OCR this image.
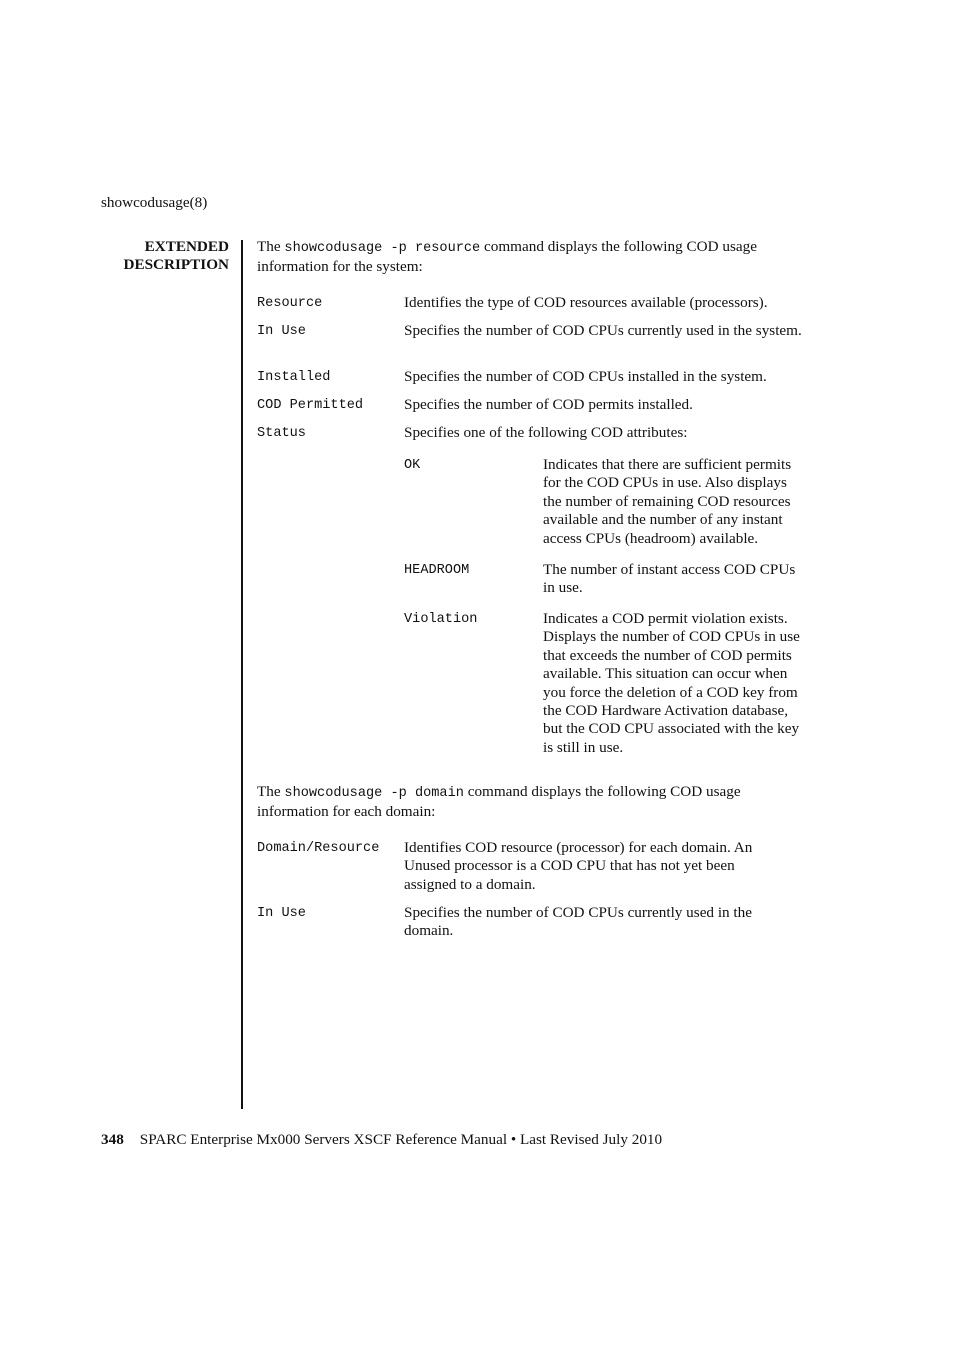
showcodusage(8)
EXTENDED
DESCRIPTION
The showcodusage -p resource command displays the following COD usage
information for the system:
Resource	Identifies the type of COD resources available (processors).
In Use	Specifies the number of COD CPUs currently used in the system.
Installed	Specifies the number of COD CPUs installed in the system.
COD Permitted	Specifies the number of COD permits installed.
Status	Specifies one of the following COD attributes:
OK	Indicates that there are sufficient permits
for the COD CPUs in use. Also displays
the number of remaining COD resources
available and the number of any instant
access CPUs (headroom) available.
HEADROOM	The number of instant access COD CPUs
in use.
Violation	Indicates a COD permit violation exists.
Displays the number of COD CPUs in use
that exceeds the number of COD permits
available. This situation can occur when
you force the deletion of a COD key from
the COD Hardware Activation database,
but the COD CPU associated with the key
is still in use.
The showcodusage -p domain command displays the following COD usage
information for each domain:
Domain/Resource Identifies COD resource (processor) for each domain. An
Unused processor is a COD CPU that has not yet been
assigned to a domain.
In Use	Specifies the number of COD CPUs currently used in the
domain.
348 SPARC Enterprise Mx000 Servers XSCF Reference Manual • Last Revised July 2010
